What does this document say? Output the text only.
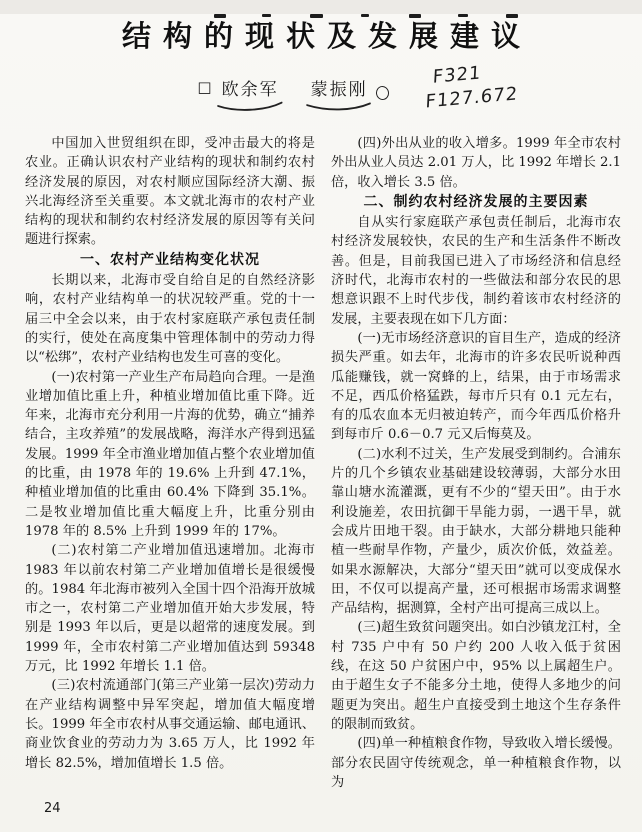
结构的现状及发展建议
□ 欧余军 蒙振刚
F321
F127.672

中国加入世贸组织在即，受冲击最大的将是农业。正确认识农村产业结构的现状和制约农村经济发展的原因，对农村顺应国际经济大潮、振兴北海经济至关重要。本文就北海市的农村产业结构的现状和制约农村经济发展的原因等有关问题进行探索。

一、农村产业结构变化状况

长期以来，北海市受自给自足的自然经济影响，农村产业结构单一的状况较严重。党的十一届三中全会以来，由于农村家庭联产承包责任制的实行，使处在高度集中管理体制中的劳动力得以“松绑”，农村产业结构也发生可喜的变化。

(一)农村第一产业生产布局趋向合理。一是渔业增加值比重上升，种植业增加值比重下降。近年来，北海市充分利用一片海的优势，确立“捕养结合，主攻养殖”的发展战略，海洋水产得到迅猛发展。1999 年全市渔业增加值占整个农业增加值的比重，由 1978 年的 19.6% 上升到 47.1%，种植业增加值的比重由 60.4% 下降到 35.1%。二是牧业增加值比重大幅度上升，比重分别由 1978 年的 8.5% 上升到 1999 年的 17%。

(二)农村第二产业增加值迅速增加。北海市 1983 年以前农村第二产业增加值增长是很缓慢的。1984 年北海市被列入全国十四个沿海开放城市之一，农村第二产业增加值开始大步发展，特别是 1993 年以后，更是以超常的速度发展。到 1999 年，全市农村第二产业增加值达到 59348 万元，比 1992 年增长 1.1 倍。

(三)农村流通部门(第三产业第一层次)劳动力在产业结构调整中异军突起，增加值大幅度增长。1999 年全市农村从事交通运输、邮电通讯、商业饮食业的劳动力为 3.65 万人，比 1992 年增长 82.5%，增加值增长 1.5 倍。

(四)外出从业的收入增多。1999 年全市农村外出从业人员达 2.01 万人，比 1992 年增长 2.1 倍，收入增长 3.5 倍。

二、制约农村经济发展的主要因素

自从实行家庭联产承包责任制后，北海市农村经济发展较快，农民的生产和生活条件不断改善。但是，目前我国已进入了市场经济和信息经济时代，北海市农村的一些做法和部分农民的思想意识跟不上时代步伐，制约着该市农村经济的发展，主要表现在如下几方面：

(一)无市场经济意识的盲目生产，造成的经济损失严重。如去年，北海市的许多农民听说种西瓜能赚钱，就一窝蜂的上，结果，由于市场需求不足，西瓜价格猛跌，每市斤只有 0.1 元左右，有的瓜农血本无归被迫转产，而今年西瓜价格升到每市斤 0.6－0.7 元又后悔莫及。

(二)水利不过关，生产发展受到制约。合浦东片的几个乡镇农业基础建设较薄弱，大部分水田靠山塘水流灌溉，更有不少的“望天田”。由于水利设施差，农田抗御干旱能力弱，一遇干旱，就会成片田地干裂。由于缺水，大部分耕地只能种植一些耐旱作物，产量少，质次价低，效益差。如果水源解决，大部分“望天田”就可以变成保水田，不仅可以提高产量，还可根据市场需求调整产品结构，据测算，全村产出可提高三成以上。

(三)超生致贫问题突出。如白沙镇龙江村，全村 735 户中有 50 户约 200 人收入低于贫困线，在这 50 户贫困户中，95% 以上属超生户。由于超生女子不能多分土地，使得人多地少的问题更为突出。超生户直接受到土地这个生存条件的限制而致贫。

(四)单一种植粮食作物，导致收入增长缓慢。部分农民固守传统观念，单一种植粮食作物，以为

24
